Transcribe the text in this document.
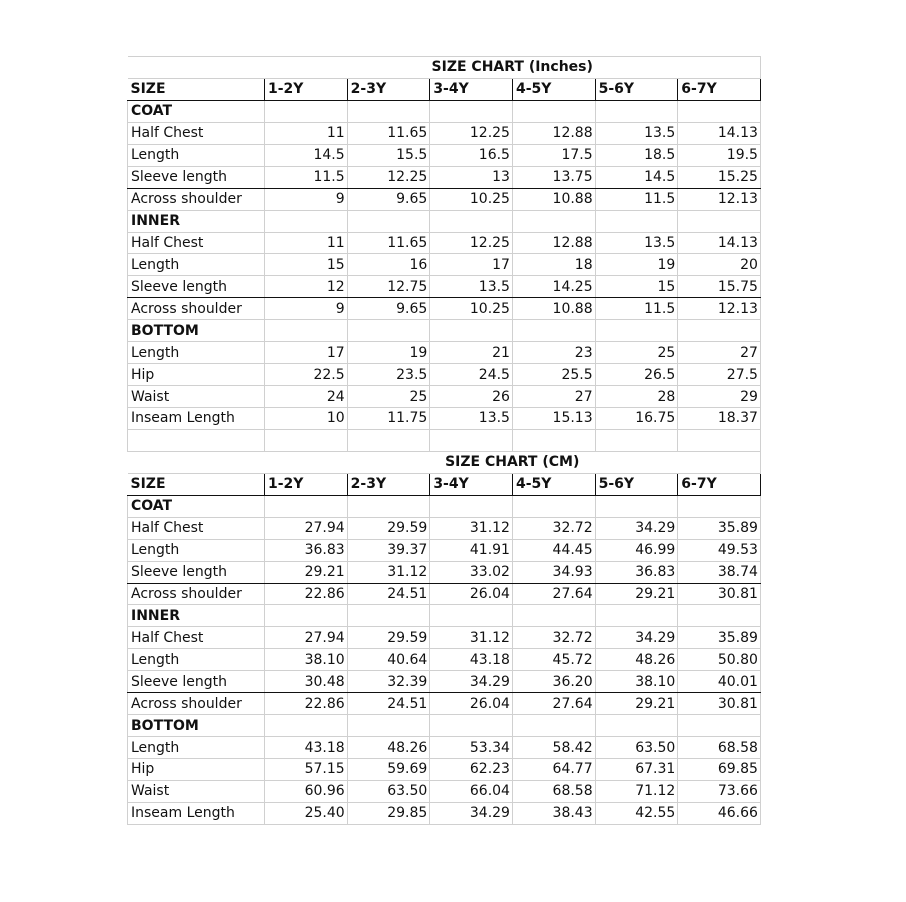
	SIZE CHART (Inches)					
SIZE	1-2Y	2-3Y	3-4Y	4-5Y	5-6Y	6-7Y
COAT						
Half Chest	11	11.65	12.25	12.88	13.5	14.13
Length	14.5	15.5	16.5	17.5	18.5	19.5
Sleeve length	11.5	12.25	13	13.75	14.5	15.25
Across shoulder	9	9.65	10.25	10.88	11.5	12.13
INNER						
Half Chest	11	11.65	12.25	12.88	13.5	14.13
Length	15	16	17	18	19	20
Sleeve length	12	12.75	13.5	14.25	15	15.75
Across shoulder	9	9.65	10.25	10.88	11.5	12.13
BOTTOM						
Length	17	19	21	23	25	27
Hip	22.5	23.5	24.5	25.5	26.5	27.5
Waist	24	25	26	27	28	29
Inseam Length	10	11.75	13.5	15.13	16.75	18.37

	SIZE CHART (CM)					
SIZE	1-2Y	2-3Y	3-4Y	4-5Y	5-6Y	6-7Y
COAT						
Half Chest	27.94	29.59	31.12	32.72	34.29	35.89
Length	36.83	39.37	41.91	44.45	46.99	49.53
Sleeve length	29.21	31.12	33.02	34.93	36.83	38.74
Across shoulder	22.86	24.51	26.04	27.64	29.21	30.81
INNER						
Half Chest	27.94	29.59	31.12	32.72	34.29	35.89
Length	38.10	40.64	43.18	45.72	48.26	50.80
Sleeve length	30.48	32.39	34.29	36.20	38.10	40.01
Across shoulder	22.86	24.51	26.04	27.64	29.21	30.81
BOTTOM						
Length	43.18	48.26	53.34	58.42	63.50	68.58
Hip	57.15	59.69	62.23	64.77	67.31	69.85
Waist	60.96	63.50	66.04	68.58	71.12	73.66
Inseam Length	25.40	29.85	34.29	38.43	42.55	46.66
